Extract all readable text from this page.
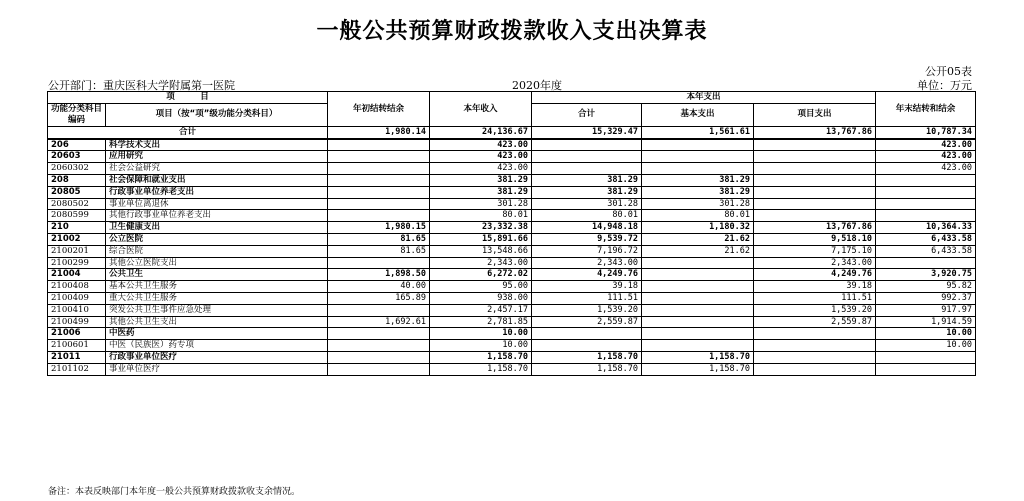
一般公共预算财政拨款收入支出决算表
公开05表
公开部门：重庆医科大学附属第一医院	2020年度	单位：万元
项　　　目		年初结转结余	本年收入	本年支出			年末结转和结余
功能分类科目编码	项目（按“项”级功能分类科目）			合计	基本支出	项目支出	
合计		1,980.14	24,136.67	15,329.47	1,561.61	13,767.86	10,787.34
206	科学技术支出		423.00				423.00
20603	应用研究		423.00				423.00
2060302	社会公益研究		423.00				423.00
208	社会保障和就业支出		381.29	381.29	381.29		
20805	行政事业单位养老支出		381.29	381.29	381.29		
2080502	事业单位离退休		301.28	301.28	301.28		
2080599	其他行政事业单位养老支出		80.01	80.01	80.01		
210	卫生健康支出	1,980.15	23,332.38	14,948.18	1,180.32	13,767.86	10,364.33
21002	公立医院	81.65	15,891.66	9,539.72	21.62	9,518.10	6,433.58
2100201	综合医院	81.65	13,548.66	7,196.72	21.62	7,175.10	6,433.58
2100299	其他公立医院支出		2,343.00	2,343.00		2,343.00	
21004	公共卫生	1,898.50	6,272.02	4,249.76		4,249.76	3,920.75
2100408	基本公共卫生服务	40.00	95.00	39.18		39.18	95.82
2100409	重大公共卫生服务	165.89	938.00	111.51		111.51	992.37
2100410	突发公共卫生事件应急处理		2,457.17	1,539.20		1,539.20	917.97
2100499	其他公共卫生支出	1,692.61	2,781.85	2,559.87		2,559.87	1,914.59
21006	中医药		10.00				10.00
2100601	中医（民族医）药专项		10.00				10.00
21011	行政事业单位医疗		1,158.70	1,158.70	1,158.70		
2101102	事业单位医疗		1,158.70	1,158.70	1,158.70		
备注：本表反映部门本年度一般公共预算财政拨款收支余情况。
